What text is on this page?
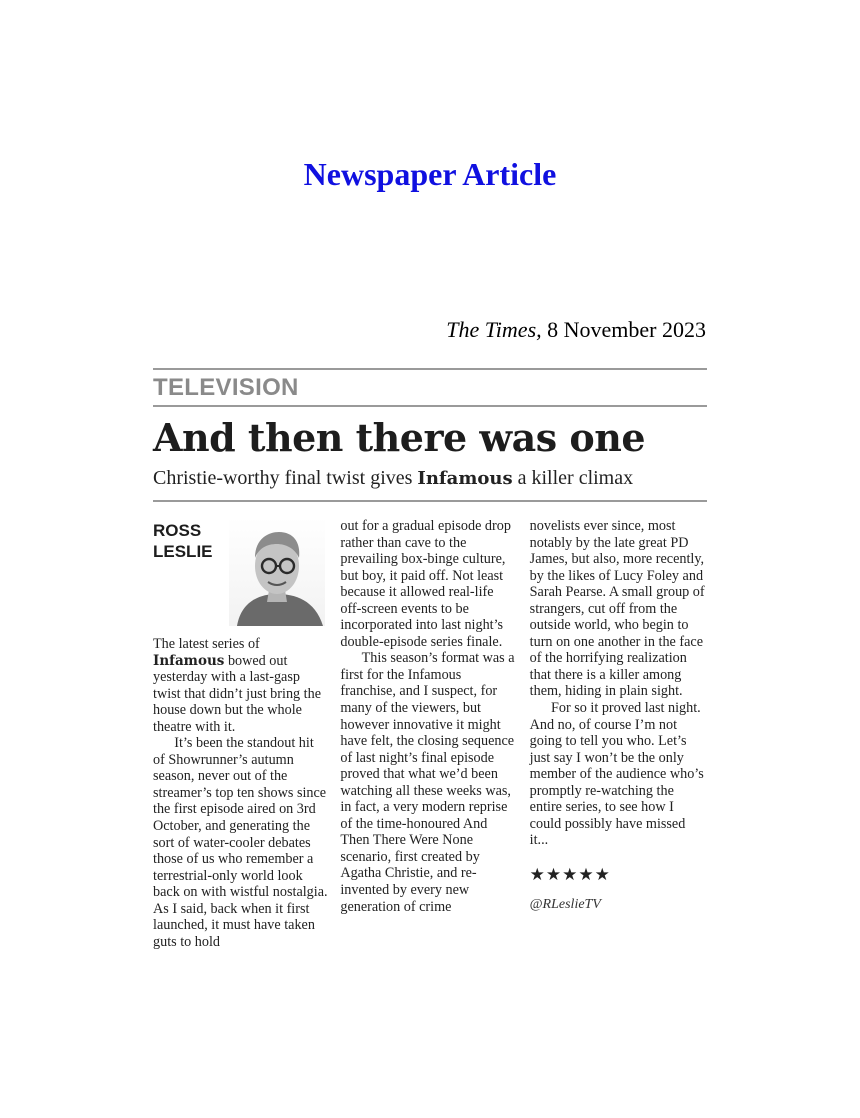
Newspaper Article
The Times, 8 November 2023
TELEVISION
And then there was one
Christie-worthy final twist gives Infamous a killer climax
ROSS
LESLIE

The latest series of
Infamous bowed out yesterday with a last-gasp twist that didn’t just bring the house down but the whole theatre with it.

It’s been the standout hit of Showrunner’s autumn season, never out of the streamer’s top ten shows since the first episode aired on 3rd October, and generating the sort of water-cooler debates those of us who remember a terrestrial-only world look back on with wistful nostalgia.

As I said, back when it first launched, it must have taken guts to hold

out for a gradual episode drop rather than cave to the prevailing box-binge culture, but boy, it paid off. Not least because it allowed real-life off-screen events to be incorporated into last night’s double-episode series finale.

This season’s format was a first for the Infamous franchise, and I suspect, for many of the viewers, but however innovative it might have felt, the closing sequence of last night’s final episode proved that what we’d been watching all these weeks was, in fact, a very modern reprise of the time-honoured And Then There Were None scenario, first created by Agatha Christie, and re-invented by every new generation of crime

novelists ever since, most notably by the late great PD James, but also, more recently, by the likes of Lucy Foley and Sarah Pearse. A small group of strangers, cut off from the outside world, who begin to turn on one another in the face of the horrifying realization that there is a killer among them, hiding in plain sight.

For so it proved last night. And no, of course I’m not going to tell you who. Let’s just say I won’t be the only member of the audience who’s promptly re-watching the entire series, to see how I could possibly have missed it...

★★★★★
@RLeslieTV
